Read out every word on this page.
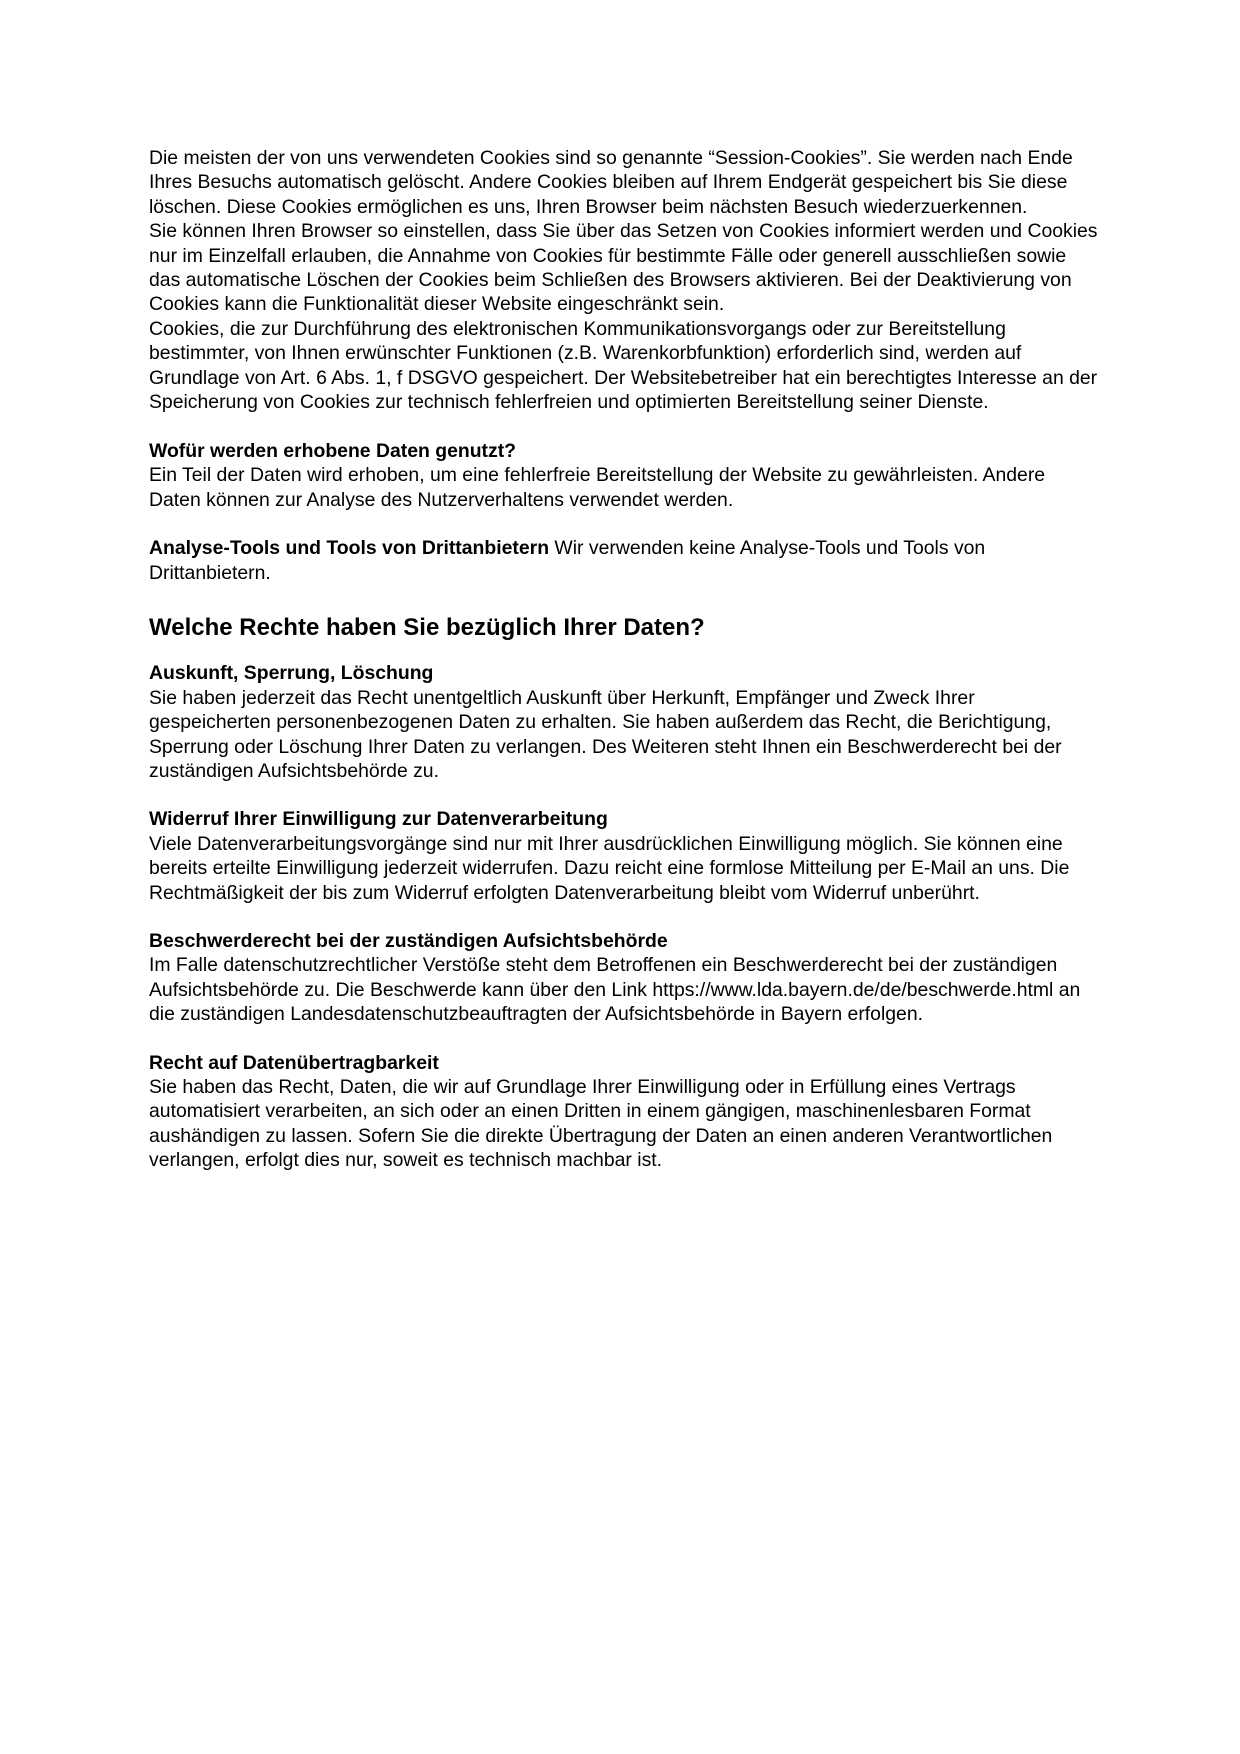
Die meisten der von uns verwendeten Cookies sind so genannte “Session-Cookies”. Sie werden nach Ende Ihres Besuchs automatisch gelöscht. Andere Cookies bleiben auf Ihrem Endgerät gespeichert bis Sie diese löschen. Diese Cookies ermöglichen es uns, Ihren Browser beim nächsten Besuch wiederzuerkennen.

Sie können Ihren Browser so einstellen, dass Sie über das Setzen von Cookies informiert werden und Cookies nur im Einzelfall erlauben, die Annahme von Cookies für bestimmte Fälle oder generell ausschließen sowie das automatische Löschen der Cookies beim Schließen des Browsers aktivieren. Bei der Deaktivierung von Cookies kann die Funktionalität dieser Website eingeschränkt sein.

Cookies, die zur Durchführung des elektronischen Kommunikationsvorgangs oder zur Bereitstellung bestimmter, von Ihnen erwünschter Funktionen (z.B. Warenkorbfunktion) erforderlich sind, werden auf Grundlage von Art. 6 Abs. 1, f DSGVO gespeichert. Der Websitebetreiber hat ein berechtigtes Interesse an der Speicherung von Cookies zur technisch fehlerfreien und optimierten Bereitstellung seiner Dienste.

Wofür werden erhobene Daten genutzt?
Ein Teil der Daten wird erhoben, um eine fehlerfreie Bereitstellung der Website zu gewährleisten. Andere Daten können zur Analyse des Nutzerverhaltens verwendet werden.
Analyse-Tools und Tools von Drittanbietern Wir verwenden keine Analyse-Tools und Tools von Drittanbietern.
Welche Rechte haben Sie bezüglich Ihrer Daten?
Auskunft, Sperrung, Löschung
Sie haben jederzeit das Recht unentgeltlich Auskunft über Herkunft, Empfänger und Zweck Ihrer gespeicherten personenbezogenen Daten zu erhalten. Sie haben außerdem das Recht, die Berichtigung, Sperrung oder Löschung Ihrer Daten zu verlangen. Des Weiteren steht Ihnen ein Beschwerderecht bei der zuständigen Aufsichtsbehörde zu.
Widerruf Ihrer Einwilligung zur Datenverarbeitung
Viele Datenverarbeitungsvorgänge sind nur mit Ihrer ausdrücklichen Einwilligung möglich. Sie können eine bereits erteilte Einwilligung jederzeit widerrufen. Dazu reicht eine formlose Mitteilung per E-Mail an uns. Die Rechtmäßigkeit der bis zum Widerruf erfolgten Datenverarbeitung bleibt vom Widerruf unberührt.
Beschwerderecht bei der zuständigen Aufsichtsbehörde
Im Falle datenschutzrechtlicher Verstöße steht dem Betroffenen ein Beschwerderecht bei der zuständigen Aufsichtsbehörde zu. Die Beschwerde kann über den Link https://www.lda.bayern.de/de/beschwerde.html an die zuständigen Landesdatenschutzbeauftragten der Aufsichtsbehörde in Bayern erfolgen.
Recht auf Datenübertragbarkeit
Sie haben das Recht, Daten, die wir auf Grundlage Ihrer Einwilligung oder in Erfüllung eines Vertrags automatisiert verarbeiten, an sich oder an einen Dritten in einem gängigen, maschinenlesbaren Format aushändigen zu lassen. Sofern Sie die direkte Übertragung der Daten an einen anderen Verantwortlichen verlangen, erfolgt dies nur, soweit es technisch machbar ist.
